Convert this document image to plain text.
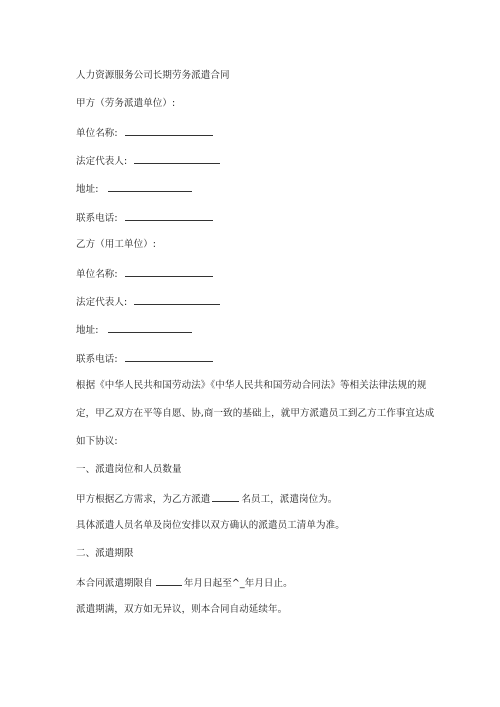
人力资源服务公司长期劳务派遣合同
甲方（劳务派遣单位）:
单位名称:
法定代表人:
地址:
联系电话:
乙方（用工单位）:
单位名称:
法定代表人:
地址:
联系电话:
根据《中华人民共和国劳动法》《中华人民共和国劳动合同法》等相关法律法规的规
定，甲乙双方在平等自愿、协,商一致的基础上，就甲方派遣员工到乙方工作事宜达成
如下协议:
一、派遣岗位和人员数量
甲方根据乙方需求，为乙方派遣	名员工，派遣岗位为。
具体派遣人员名单及岗位安排以双方确认的派遣员工清单为准。
二、派遣期限
本合同派遣期限自	年月日起至^_年月日止。
派遣期满，双方如无异议，则本合同自动延续年。
